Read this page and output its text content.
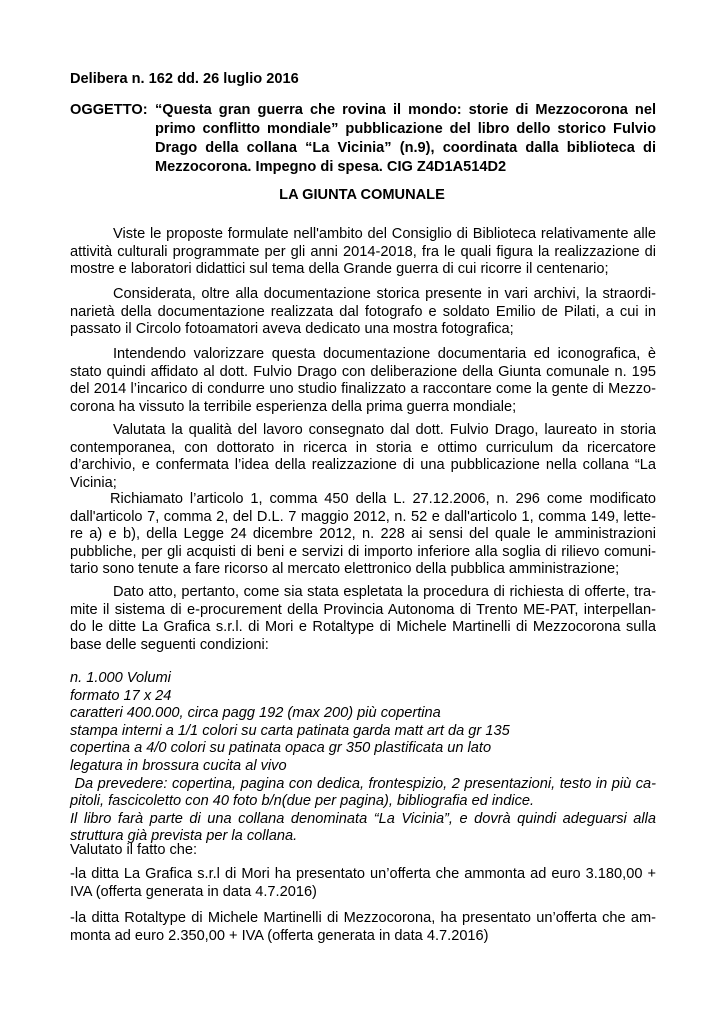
Delibera n. 162 dd. 26 luglio 2016

OGGETTO: “Questa gran guerra che rovina il mondo: storie di Mezzocorona nel
primo conflitto mondiale” pubblicazione del libro dello storico Fulvio
Drago della collana “La Vicinia” (n.9), coordinata dalla biblioteca di
Mezzocorona. Impegno di spesa. CIG Z4D1A514D2
LA GIUNTA COMUNALE
Viste le proposte formulate nell'ambito del Consiglio di Biblioteca relativamente alle
attività culturali programmate per gli anni 2014-2018, fra le quali figura la realizzazione di
mostre e laboratori didattici sul tema della Grande guerra di cui ricorre il centenario;
Considerata, oltre alla documentazione storica presente in vari archivi, la straordi-
narietà della documentazione realizzata dal fotografo e soldato Emilio de Pilati, a cui in
passato il Circolo fotoamatori aveva dedicato una mostra fotografica;
Intendendo valorizzare questa documentazione documentaria ed iconografica, è
stato quindi affidato al dott. Fulvio Drago con deliberazione della Giunta comunale n. 195
del 2014 l’incarico di condurre uno studio finalizzato a raccontare come la gente di Mezzo-
corona ha vissuto la terribile esperienza della prima guerra mondiale;
Valutata la qualità del lavoro consegnato dal dott. Fulvio Drago, laureato in storia
contemporanea, con dottorato in ricerca in storia e ottimo curriculum da ricercatore
d’archivio, e confermata l’idea della realizzazione di una pubblicazione nella collana “La
Vicinia;
Richiamato l’articolo 1, comma 450 della L. 27.12.2006, n. 296 come modificato
dall'articolo 7, comma 2, del D.L. 7 maggio 2012, n. 52 e dall'articolo 1, comma 149, lette-
re a) e b), della Legge 24 dicembre 2012, n. 228 ai sensi del quale le amministrazioni
pubbliche, per gli acquisti di beni e servizi di importo inferiore alla soglia di rilievo comuni-
tario sono tenute a fare ricorso al mercato elettronico della pubblica amministrazione;
Dato atto, pertanto, come sia stata espletata la procedura di richiesta di offerte, tra-
mite il sistema di e-procurement della Provincia Autonoma di Trento ME-PAT, interpellan-
do le ditte La Grafica s.r.l. di Mori e Rotaltype di Michele Martinelli di Mezzocorona sulla
base delle seguenti condizioni:
n. 1.000 Volumi
formato 17 x 24
caratteri 400.000, circa pagg 192 (max 200) più copertina
stampa interni a 1/1 colori su carta patinata garda matt art da gr 135
copertina a 4/0 colori su patinata opaca gr 350 plastificata un lato
legatura in brossura cucita al vivo
Da prevedere: copertina, pagina con dedica, frontespizio, 2 presentazioni, testo in più ca-
pitoli, fascicoletto con 40 foto b/n(due per pagina), bibliografia ed indice.
Il libro farà parte di una collana denominata “La Vicinia”, e dovrà quindi adeguarsi alla
struttura già prevista per la collana.

Valutato il fatto che:

-la ditta La Grafica s.r.l di Mori ha presentato un’offerta che ammonta ad euro 3.180,00 +
IVA (offerta generata in data 4.7.2016)
-la ditta Rotaltype di Michele Martinelli di Mezzocorona, ha presentato un’offerta che am-
monta ad euro 2.350,00 + IVA (offerta generata in data 4.7.2016)
